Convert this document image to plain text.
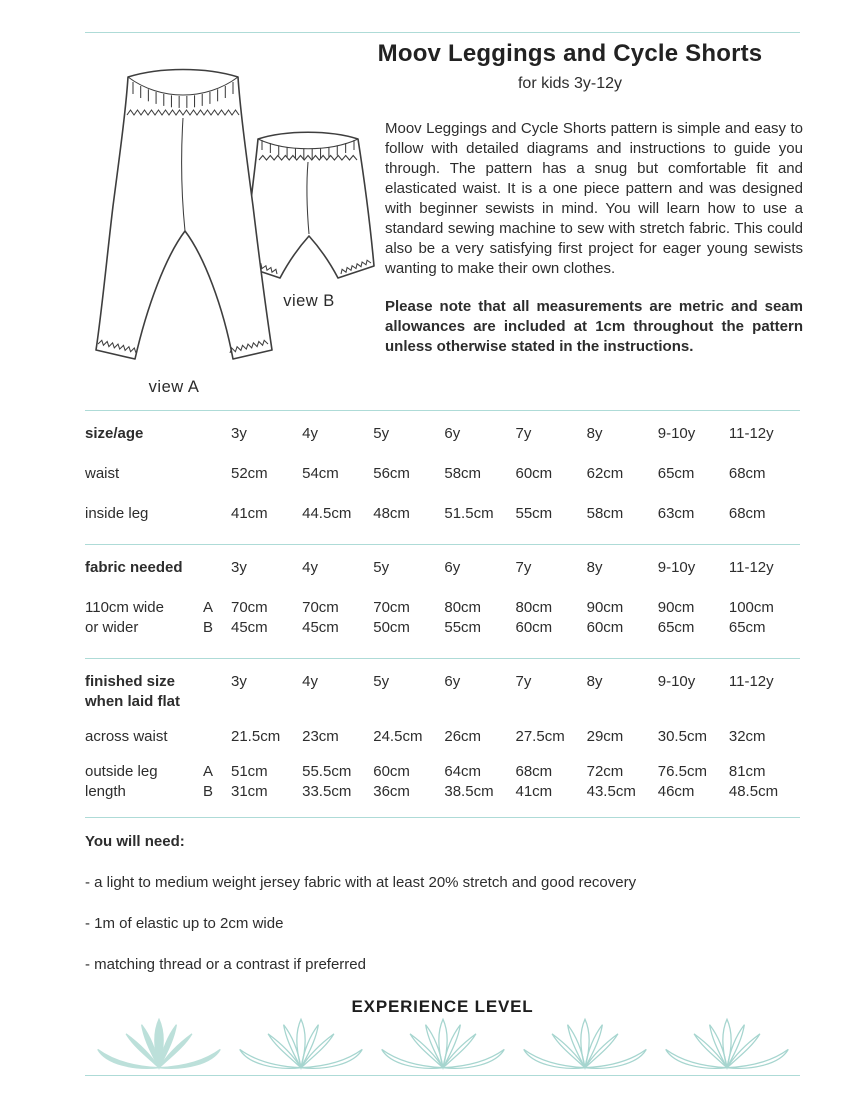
view A
view B
Moov Leggings and Cycle Shorts
for kids 3y-12y

Moov Leggings and Cycle Shorts pattern is simple and easy to follow with detailed diagrams and instructions to guide you through. The pattern has a snug but comfortable fit and elasticated waist. It is a one piece pattern and was designed with beginner sewists in mind. You will learn how to use a standard sewing machine to sew with stretch fabric. This could also be a very satisfying first project for eager young sewists wanting to make their own clothes.

Please note that all measurements are metric and seam allowances are included at 1cm throughout the pattern unless otherwise stated in the instructions.

size/age	3y	4y	5y	6y	7y	8y	9-10y	11-12y
waist	52cm	54cm	56cm	58cm	60cm	62cm	65cm	68cm
inside leg	41cm	44.5cm	48cm	51.5cm	55cm	58cm	63cm	68cm
fabric needed	3y	4y	5y	6y	7y	8y	9-10y	11-12y
110cm wide	A	70cm	70cm	70cm	80cm	80cm	90cm	90cm	100cm
or wider	B	45cm	45cm	50cm	55cm	60cm	60cm	65cm	65cm
finished size	3y	4y	5y	6y	7y	8y	9-10y	11-12y
when laid flat
across waist	21.5cm	23cm	24.5cm	26cm	27.5cm	29cm	30.5cm	32cm
outside leg	A	51cm	55.5cm	60cm	64cm	68cm	72cm	76.5cm	81cm
length	B	31cm	33.5cm	36cm	38.5cm	41cm	43.5cm	46cm	48.5cm
You will need:
- a light to medium weight jersey fabric with at least 20% stretch and good recovery
- 1m of elastic up to 2cm wide
- matching thread or a contrast if preferred
EXPERIENCE LEVEL
